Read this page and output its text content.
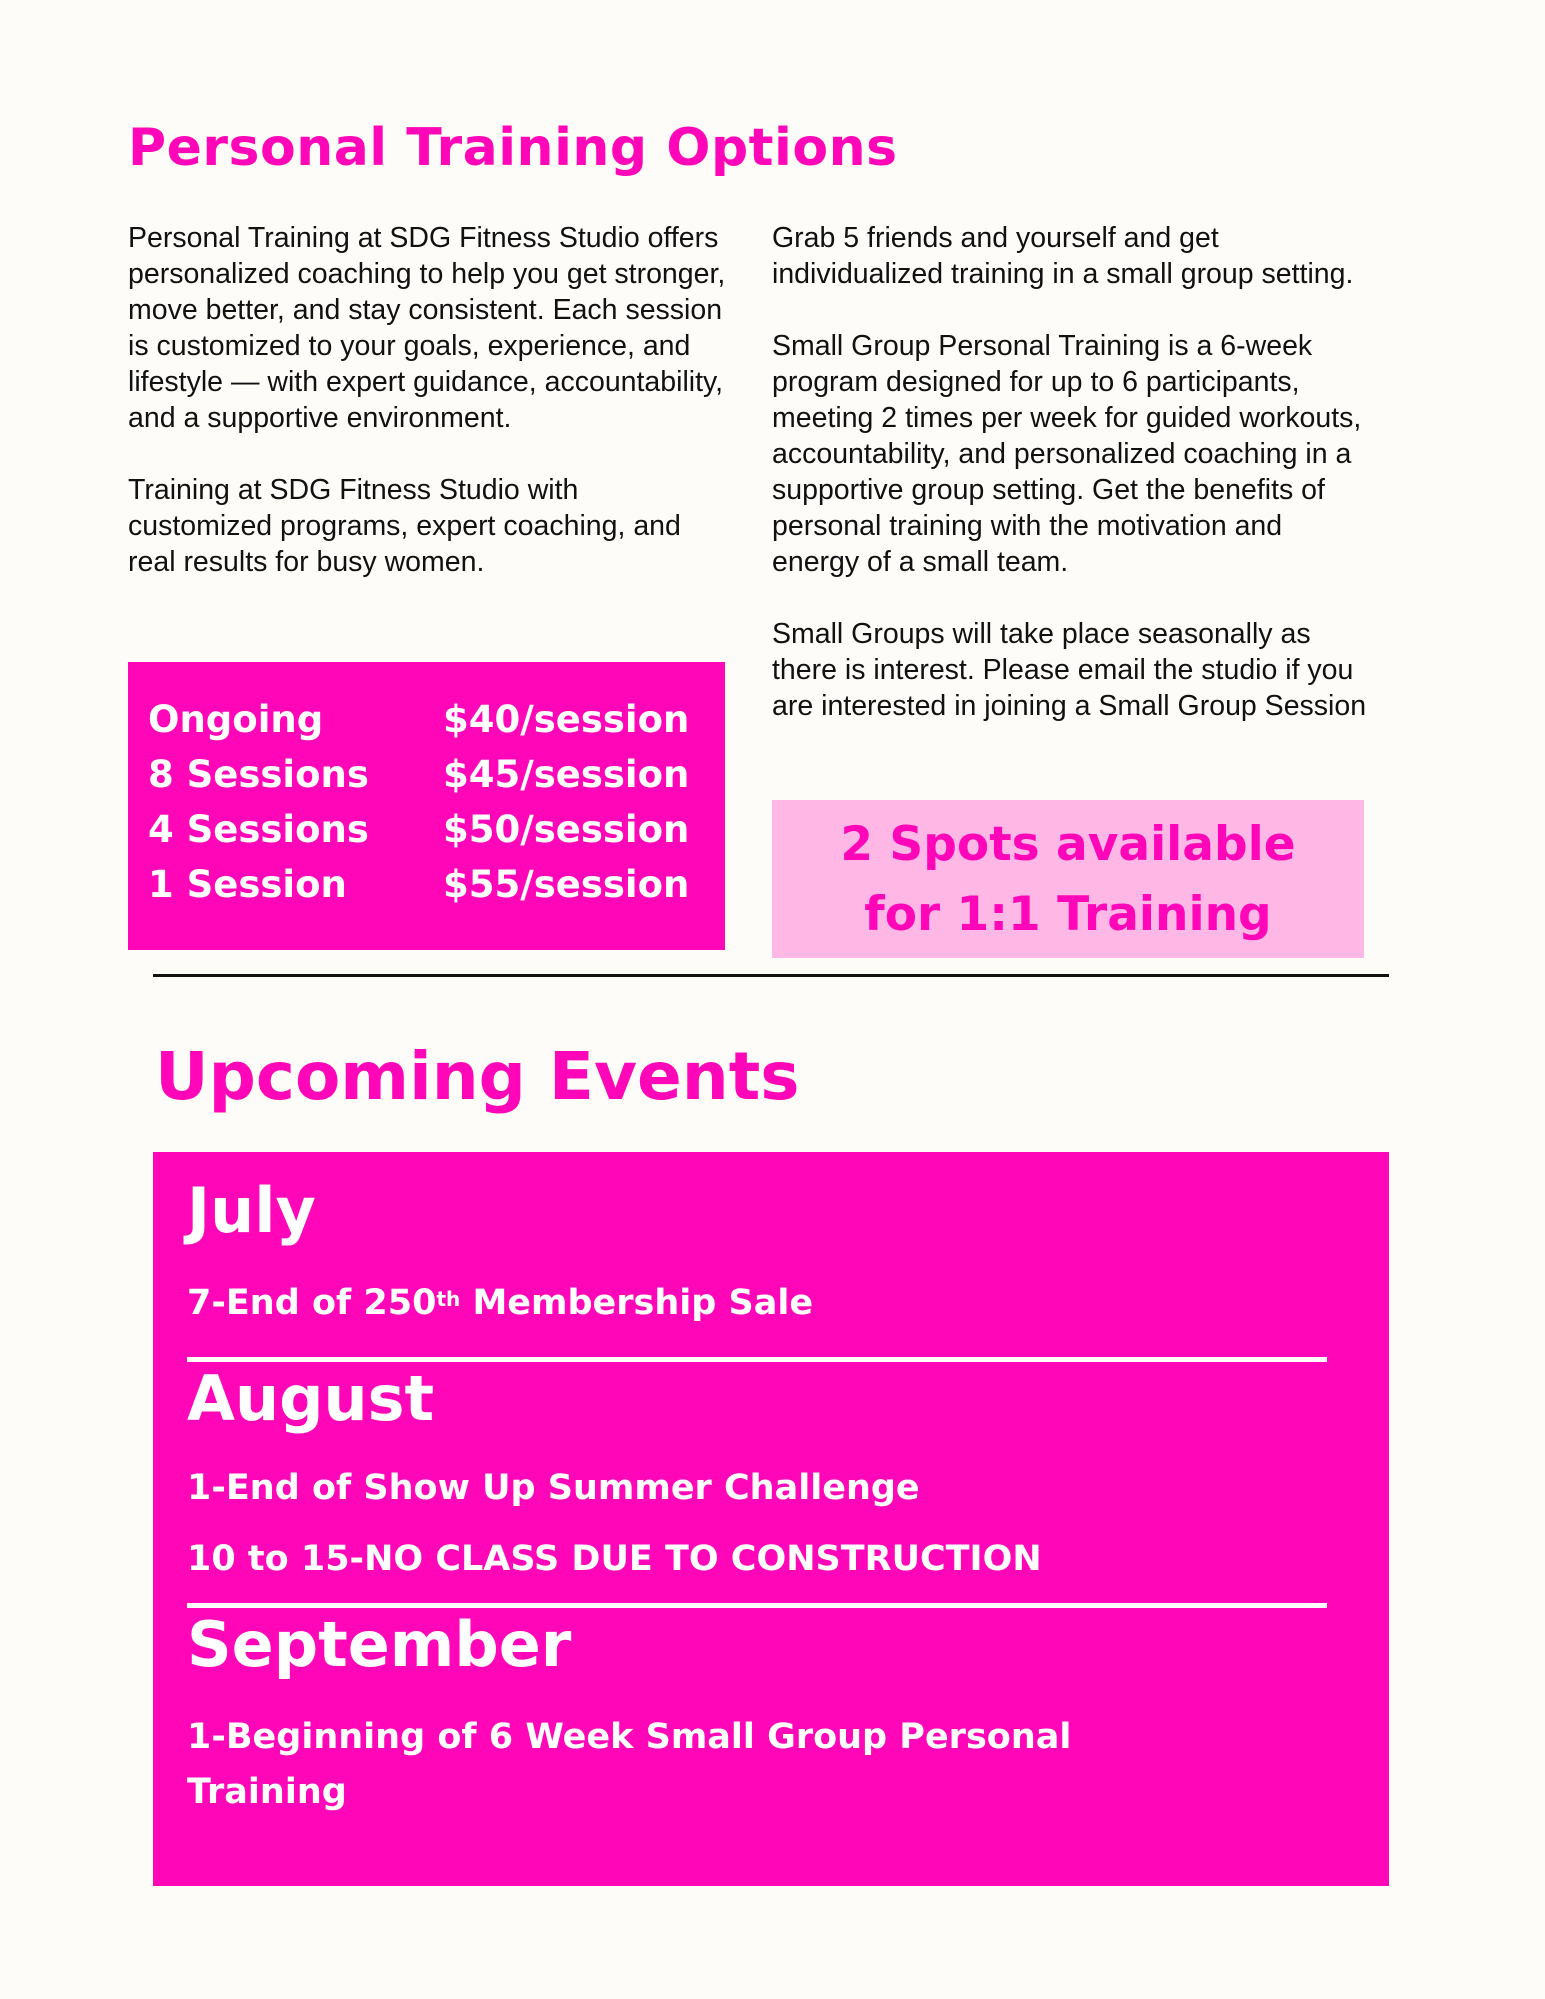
Personal Training Options

Personal Training at SDG Fitness Studio offers personalized coaching to help you get stronger, move better, and stay consistent. Each session is customized to your goals, experience, and lifestyle — with expert guidance, accountability, and a supportive environment.

Training at SDG Fitness Studio with customized programs, expert coaching, and real results for busy women.

Grab 5 friends and yourself and get individualized training in a small group setting.

Small Group Personal Training is a 6-week program designed for up to 6 participants, meeting 2 times per week for guided workouts, accountability, and personalized coaching in a supportive group setting. Get the benefits of personal training with the motivation and energy of a small team.

Small Groups will take place seasonally as there is interest. Please email the studio if you are interested in joining a Small Group Session

Ongoing	$40/session
8 Sessions $45/session
4 Sessions $50/session
1 Session	$55/session
2 Spots available
for 1:1 Training
Upcoming Events
July

7-End of 250th Membership Sale

August

1-End of Show Up Summer Challenge

10 to 15-NO CLASS DUE TO CONSTRUCTION

September

1-Beginning of 6 Week Small Group Personal Training
